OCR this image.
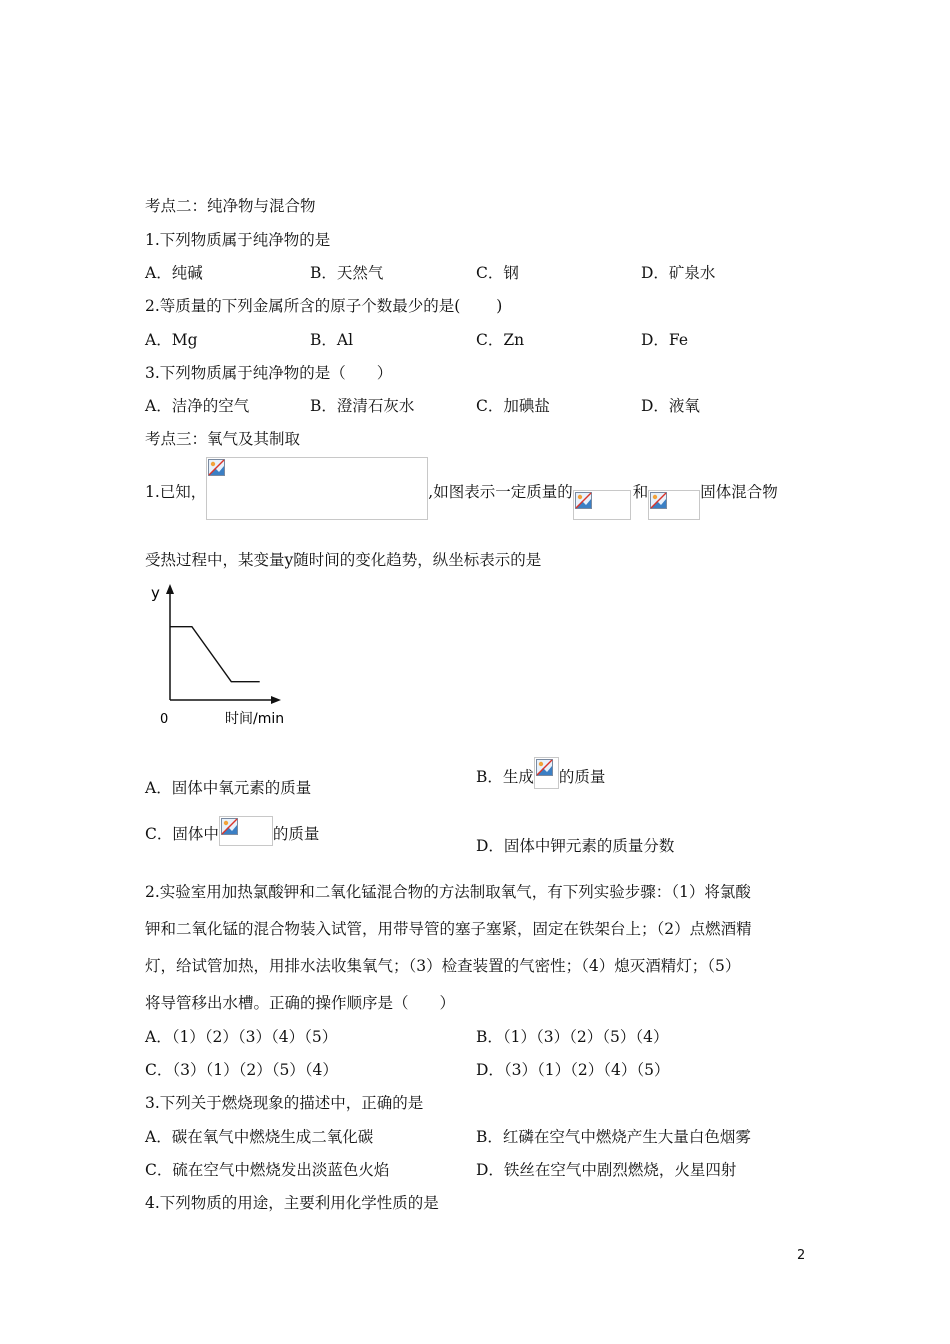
考点二：纯净物与混合物
1.下列物质属于纯净物的是
A．纯碱	B．天然气	C．钢	D．矿泉水
2.等质量的下列金属所含的原子个数最少的是(　　 )
A．Mg	B．Al	C．Zn	D．Fe
3.下列物质属于纯净物的是（　　）
A．洁净的空气	B．澄清石灰水	C．加碘盐	D．液氧
考点三：氧气及其制取
1.已知，	,如图表示一定质量的	和	固体混合物
受热过程中，某变量y随时间的变化趋势，纵坐标表示的是
y
0	时间/min
A．固体中氧元素的质量
B．生成 的质量
C．固体中	的质量
D．固体中钾元素的质量分数
2.实验室用加热氯酸钾和二氧化锰混合物的方法制取氧气，有下列实验步骤：（1）将氯酸
钾和二氧化锰的混合物装入试管，用带导管的塞子塞紧，固定在铁架台上；（2）点燃酒精
灯，给试管加热，用排水法收集氧气；（3）检查装置的气密性；（4）熄灭酒精灯；（5）
将导管移出水槽。正确的操作顺序是（　　）
A．（1）（2）（3）（4）（5）	B．（1）（3）（2）（5）（4）
C．（3）（1）（2）（5）（4）	D．（3）（1）（2）（4）（5）
3.下列关于燃烧现象的描述中，正确的是
A．碳在氧气中燃烧生成二氧化碳	B．红磷在空气中燃烧产生大量白色烟雾
C．硫在空气中燃烧发出淡蓝色火焰	D．铁丝在空气中剧烈燃烧，火星四射
4.下列物质的用途，主要利用化学性质的是
2
